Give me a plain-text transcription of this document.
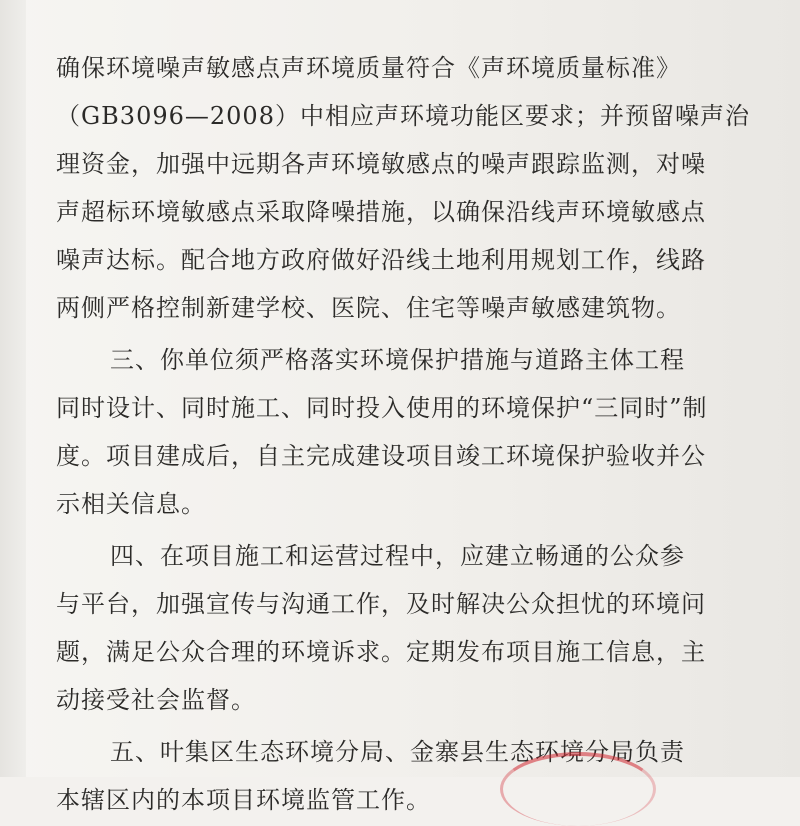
确保环境噪声敏感点声环境质量符合《声环境质量标准》
（GB3096—2008）中相应声环境功能区要求；并预留噪声治
理资金，加强中远期各声环境敏感点的噪声跟踪监测，对噪
声超标环境敏感点采取降噪措施，以确保沿线声环境敏感点
噪声达标。配合地方政府做好沿线土地利用规划工作，线路
两侧严格控制新建学校、医院、住宅等噪声敏感建筑物。
三、你单位须严格落实环境保护措施与道路主体工程
同时设计、同时施工、同时投入使用的环境保护“三同时”制
度。项目建成后，自主完成建设项目竣工环境保护验收并公
示相关信息。
四、在项目施工和运营过程中，应建立畅通的公众参
与平台，加强宣传与沟通工作，及时解决公众担忧的环境问
题，满足公众合理的环境诉求。定期发布项目施工信息，主
动接受社会监督。
五、叶集区生态环境分局、金寨县生态环境分局负责
本辖区内的本项目环境监管工作。
